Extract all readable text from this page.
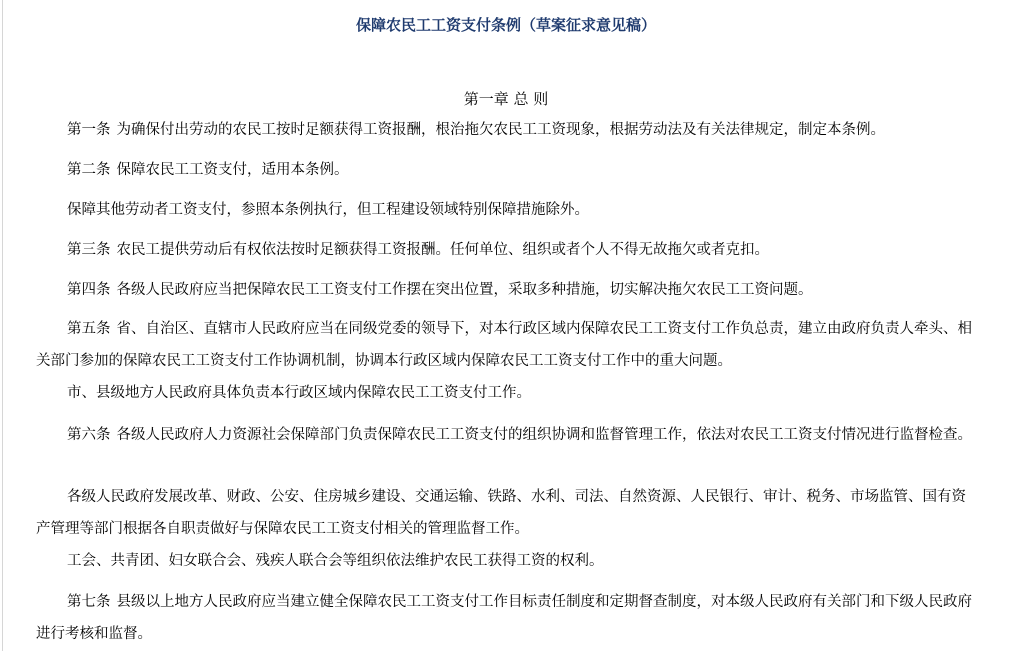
保障农民工工资支付条例（草案征求意见稿）
第一章 总 则

第一条 为确保付出劳动的农民工按时足额获得工资报酬，根治拖欠农民工工资现象，根据劳动法及有关法律规定，制定本条例。

第二条 保障农民工工资支付，适用本条例。

保障其他劳动者工资支付，参照本条例执行，但工程建设领域特别保障措施除外。

第三条 农民工提供劳动后有权依法按时足额获得工资报酬。任何单位、组织或者个人不得无故拖欠或者克扣。

第四条 各级人民政府应当把保障农民工工资支付工作摆在突出位置，采取多种措施，切实解决拖欠农民工工资问题。

第五条 省、自治区、直辖市人民政府应当在同级党委的领导下，对本行政区域内保障农民工工资支付工作负总责，建立由政府负责人牵头、相关部门参加的保障农民工工资支付工作协调机制，协调本行政区域内保障农民工工资支付工作中的重大问题。

市、县级地方人民政府具体负责本行政区域内保障农民工工资支付工作。

第六条 各级人民政府人力资源社会保障部门负责保障农民工工资支付的组织协调和监督管理工作，依法对农民工工资支付情况进行监督检查。

各级人民政府发展改革、财政、公安、住房城乡建设、交通运输、铁路、水利、司法、自然资源、人民银行、审计、税务、市场监管、国有资产管理等部门根据各自职责做好与保障农民工工资支付相关的管理监督工作。

工会、共青团、妇女联合会、残疾人联合会等组织依法维护农民工获得工资的权利。

第七条 县级以上地方人民政府应当建立健全保障农民工工资支付工作目标责任制度和定期督查制度，对本级人民政府有关部门和下级人民政府进行考核和监督。
